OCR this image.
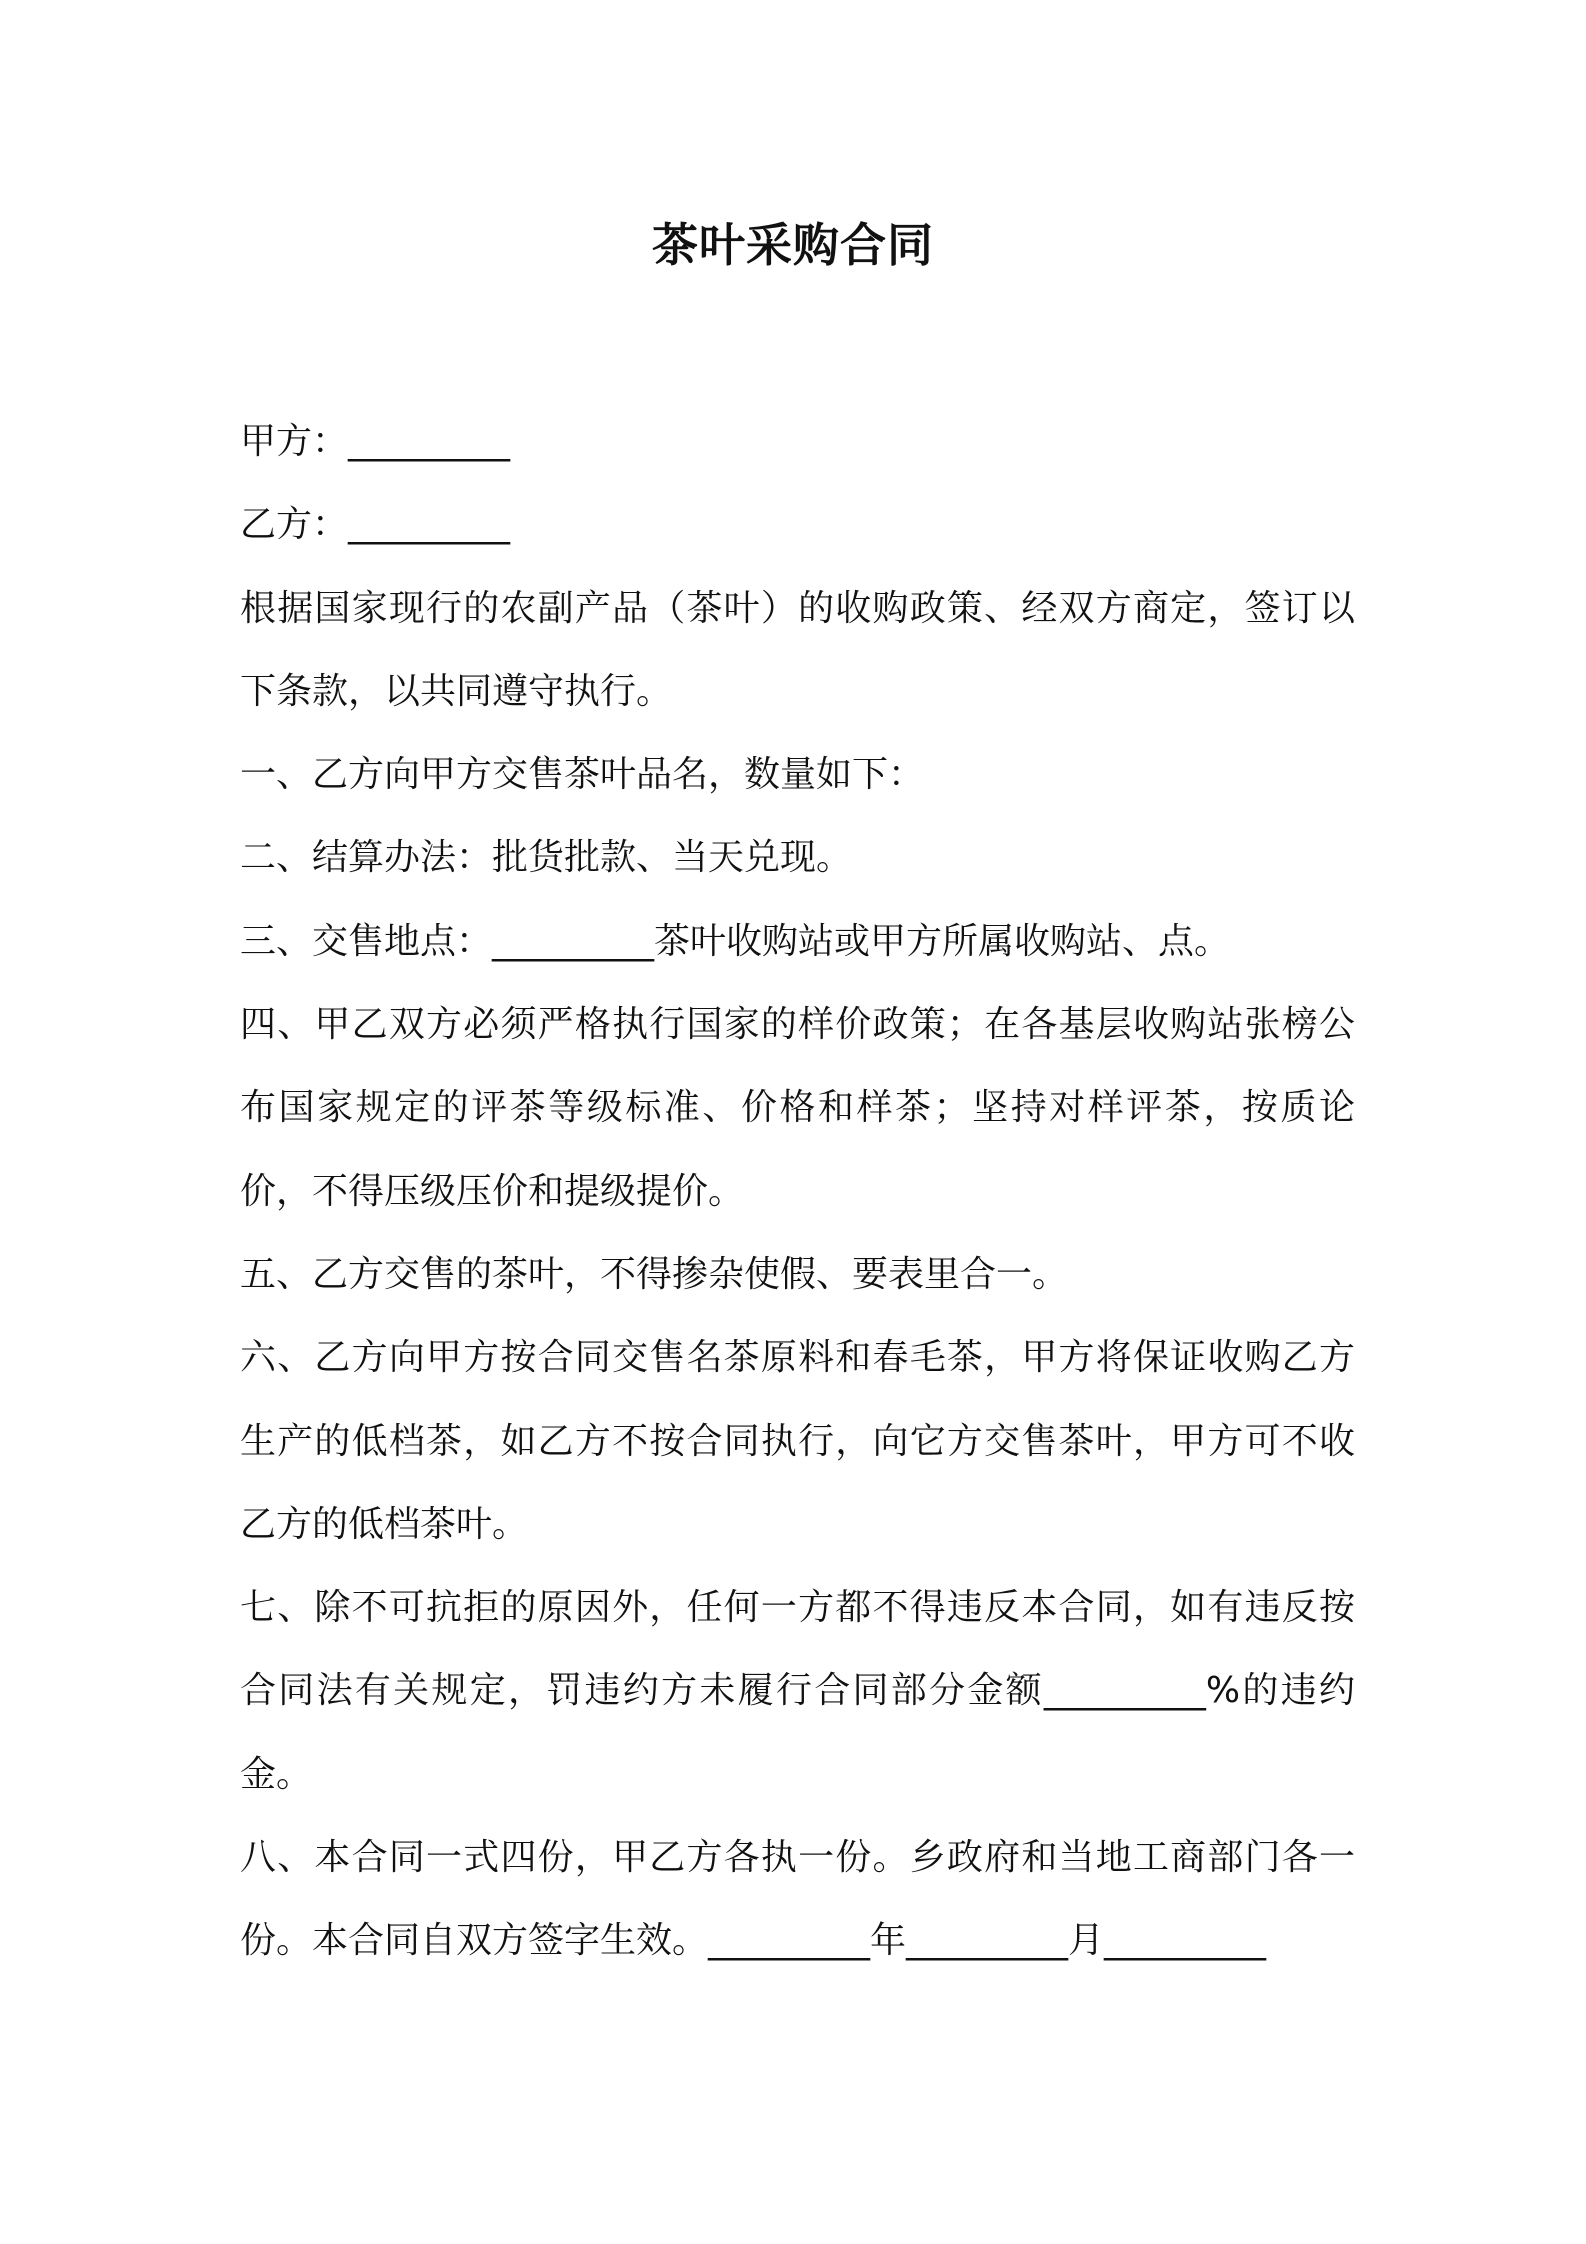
茶叶采购合同

甲方：_________

乙方：_________

根据国家现行的农副产品（茶叶）的收购政策、经双方商定，签订以下条款，以共同遵守执行。

一、乙方向甲方交售茶叶品名，数量如下：

二、结算办法：批货批款、当天兑现。

三、交售地点：_________茶叶收购站或甲方所属收购站、点。

四、甲乙双方必须严格执行国家的样价政策；在各基层收购站张榜公布国家规定的评茶等级标准、价格和样茶；坚持对样评茶，按质论价，不得压级压价和提级提价。

五、乙方交售的茶叶，不得掺杂使假、要表里合一。

六、乙方向甲方按合同交售名茶原料和春毛茶，甲方将保证收购乙方生产的低档茶，如乙方不按合同执行，向它方交售茶叶，甲方可不收乙方的低档茶叶。

七、除不可抗拒的原因外，任何一方都不得违反本合同，如有违反按合同法有关规定，罚违约方未履行合同部分金额_________%的违约金。

八、本合同一式四份，甲乙方各执一份。乡政府和当地工商部门各一份。本合同自双方签字生效。_________年_________月_________
